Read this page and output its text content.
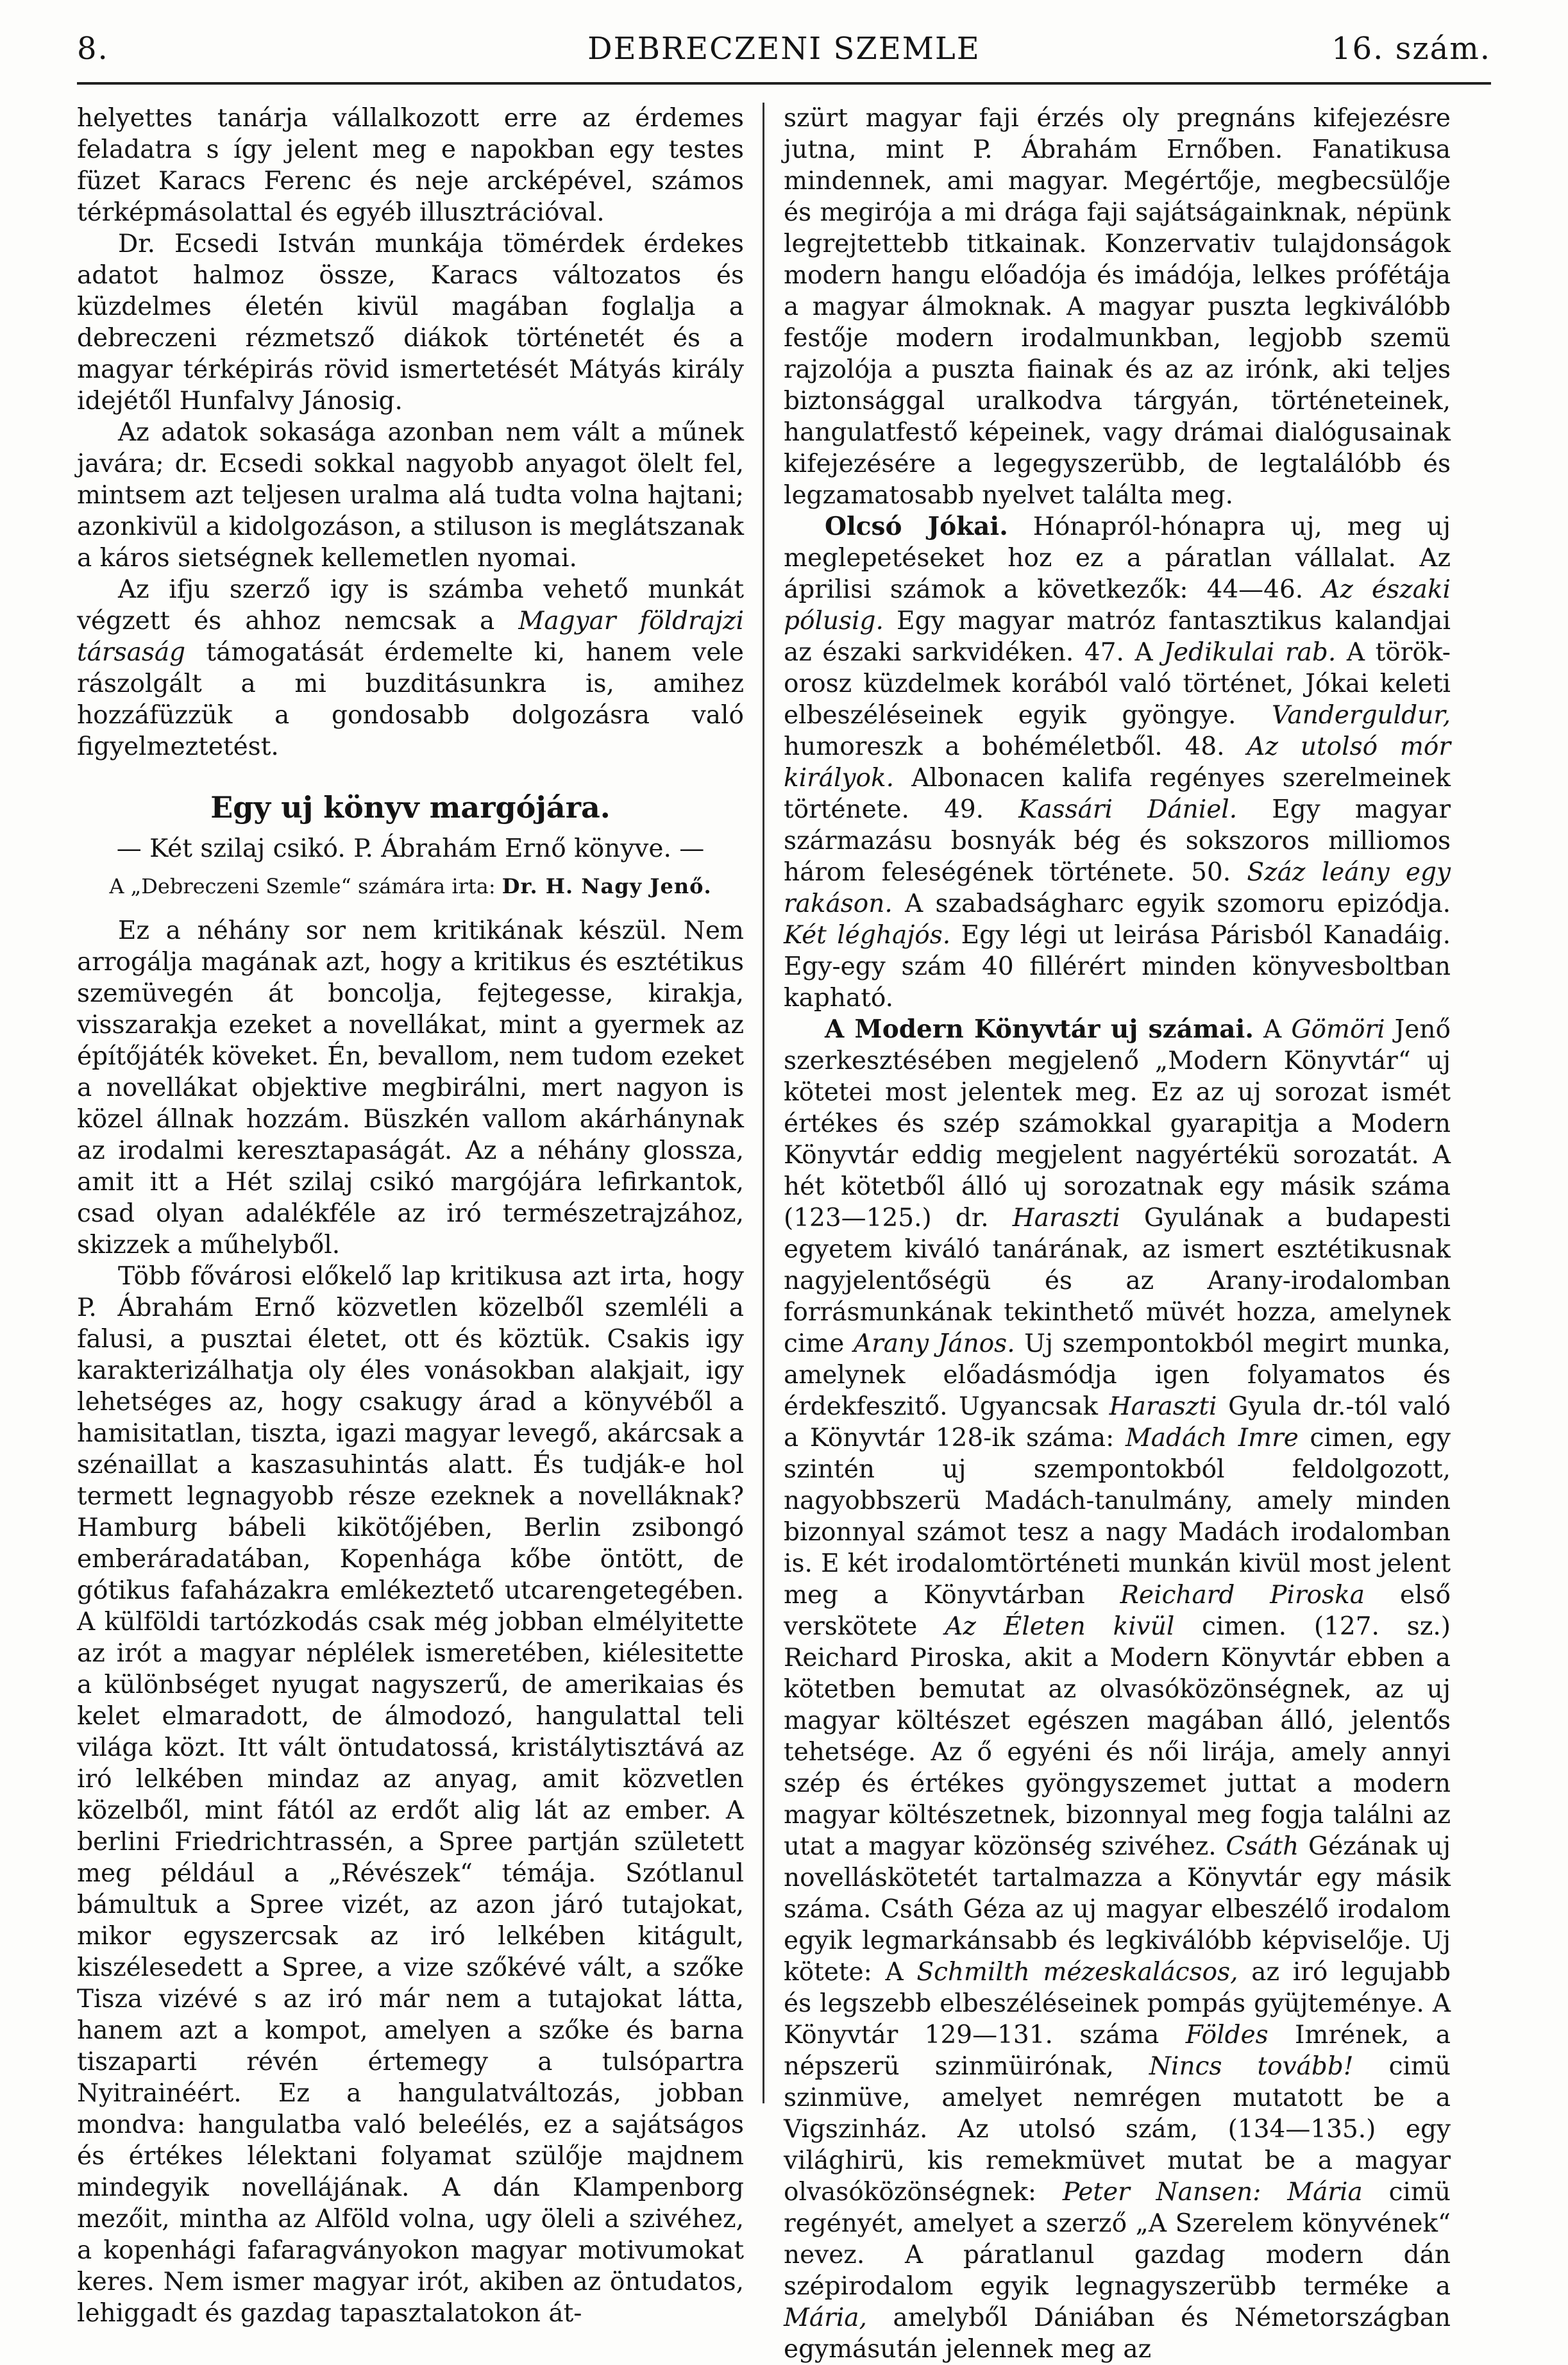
DEBRECZENI SZEMLE
8.	16. szám.

helyettes tanárja vállalkozott erre az érdemes feladatra s így jelent meg e napokban egy testes füzet Karacs Ferenc és neje arcképével, számos térképmásolattal és egyéb illusztrációval.

Dr. Ecsedi István munkája tömérdek érdekes adatot halmoz össze, Karacs változatos és küzdelmes életén kivül magában foglalja a debreczeni rézmetsző diákok történetét és a magyar térképirás rövid ismertetését Mátyás király idejétől Hunfalvy Jánosig.

Az adatok sokasága azonban nem vált a műnek javára; dr. Ecsedi sokkal nagyobb anyagot ölelt fel, mintsem azt teljesen uralma alá tudta volna hajtani; azonkivül a kidolgozáson, a stiluson is meglátszanak a káros sietségnek kellemetlen nyomai.

Az ifju szerző igy is számba vehető munkát végzett és ahhoz nemcsak a Magyar földrajzi társaság támogatását érdemelte ki, hanem vele rászolgált a mi buzditásunkra is, amihez hozzáfüzzük a gondosabb dolgozásra való figyelmeztetést.

Egy uj könyv margójára.
— Két szilaj csikó. P. Ábrahám Ernő könyve. —
A „Debreczeni Szemle“ számára irta: Dr. H. Nagy Jenő.

Ez a néhány sor nem kritikának készül. Nem arrogálja magának azt, hogy a kritikus és esztétikus szemüvegén át boncolja, fejtegesse, kirakja, visszarakja ezeket a novellákat, mint a gyermek az építőjáték köveket. Én, bevallom, nem tudom ezeket a novellákat objektive megbirálni, mert nagyon is közel állnak hozzám. Büszkén vallom akárhánynak az irodalmi keresztapaságát. Az a néhány glossza, amit itt a Hét szilaj csikó margójára lefirkantok, csad olyan adalékféle az iró természetrajzához, skizzek a műhelyből.

Több fővárosi előkelő lap kritikusa azt irta, hogy P. Ábrahám Ernő közvetlen közelből szemléli a falusi, a pusztai életet, ott és köztük. Csakis igy karakterizálhatja oly éles vonásokban alakjait, igy lehetséges az, hogy csakugy árad a könyvéből a hamisitatlan, tiszta, igazi magyar levegő, akárcsak a szénaillat a kaszasuhintás alatt. És tudják-e hol termett legnagyobb része ezeknek a novelláknak? Hamburg bábeli kikötőjében, Berlin zsibongó emberáradatában, Kopenhága kőbe öntött, de gótikus fafaházakra emlékeztető utcarengetegében. A külföldi tartózkodás csak még jobban elmélyitette az irót a magyar néplélek ismeretében, kiélesitette a különbséget nyugat nagyszerű, de amerikaias és kelet elmaradott, de álmodozó, hangulattal teli világa közt. Itt vált öntudatossá, kristálytisztává az iró lelkében mindaz az anyag, amit közvetlen közelből, mint fától az erdőt alig lát az ember. A berlini Friedrichtrassén, a Spree partján született meg például a „Révészek“ témája. Szótlanul bámultuk a Spree vizét, az azon járó tutajokat, mikor egyszercsak az iró lelkében kitágult, kiszélesedett a Spree, a vize szőkévé vált, a szőke Tisza vizévé s az iró már nem a tutajokat látta, hanem azt a kompot, amelyen a szőke és barna tiszaparti révén értemegy a tulsópartra Nyitrainéért. Ez a hangulatváltozás, jobban mondva: hangulatba való beleélés, ez a sajátságos és értékes lélektani folyamat szülője majdnem mindegyik novellájának. A dán Klampenborg mezőit, mintha az Alföld volna, ugy öleli a szivéhez, a kopenhági fafaragványokon magyar motivumokat keres. Nem ismer magyar irót, akiben az öntudatos, lehiggadt és gazdag tapasztalatokon át-

szürt magyar faji érzés oly pregnáns kifejezésre jutna, mint P. Ábrahám Ernőben. Fanatikusa mindennek, ami magyar. Megértője, megbecsülője és megirója a mi drága faji sajátságainknak, népünk legrejtettebb titkainak. Konzervativ tulajdonságok modern hangu előadója és imádója, lelkes prófétája a magyar álmoknak. A magyar puszta legkiválóbb festője modern irodalmunkban, legjobb szemü rajzolója a puszta fiainak és az az irónk, aki teljes biztonsággal uralkodva tárgyán, történeteinek, hangulatfestő képeinek, vagy drámai dialógusainak kifejezésére a legegyszerübb, de legtalálóbb és legzamatosabb nyelvet találta meg.

Olcsó Jókai. Hónapról-hónapra uj, meg uj meglepetéseket hoz ez a páratlan vállalat. Az áprilisi számok a következők: 44—46. Az északi pólusig. Egy magyar matróz fantasztikus kalandjai az északi sarkvidéken. 47. A Jedikulai rab. A török-orosz küzdelmek korából való történet, Jókai keleti elbeszéléseinek egyik gyöngye. Vanderguldur, humoreszk a bohéméletből. 48. Az utolsó mór királyok. Albonacen kalifa regényes szerelmeinek története. 49. Kassári Dániel. Egy magyar származásu bosnyák bég és sokszoros milliomos három feleségének története. 50. Száz leány egy rakáson. A szabadságharc egyik szomoru epizódja. Két léghajós. Egy légi ut leirása Párisból Kanadáig. Egy-egy szám 40 fillérért minden könyvesboltban kapható.

A Modern Könyvtár uj számai. A Gömöri Jenő szerkesztésében megjelenő „Modern Könyvtár“ uj kötetei most jelentek meg. Ez az uj sorozat ismét értékes és szép számokkal gyarapitja a Modern Könyvtár eddig megjelent nagyértékü sorozatát. A hét kötetből álló uj sorozatnak egy másik száma (123—125.) dr. Haraszti Gyulának a budapesti egyetem kiváló tanárának, az ismert esztétikusnak nagyjelentőségü és az Arany-irodalomban forrásmunkának tekinthető müvét hozza, amelynek cime Arany János. Uj szempontokból megirt munka, amelynek előadásmódja igen folyamatos és érdekfeszitő. Ugyancsak Haraszti Gyula dr.-tól való a Könyvtár 128-ik száma: Madách Imre cimen, egy szintén uj szempontokból feldolgozott, nagyobbszerü Madách-tanulmány, amely minden bizonnyal számot tesz a nagy Madách irodalomban is. E két irodalomtörténeti munkán kivül most jelent meg a Könyvtárban Reichard Piroska első verskötete Az Életen kivül cimen. (127. sz.) Reichard Piroska, akit a Modern Könyvtár ebben a kötetben bemutat az olvasóközönségnek, az uj magyar költészet egészen magában álló, jelentős tehetsége. Az ő egyéni és női lirája, amely annyi szép és értékes gyöngyszemet juttat a modern magyar költészetnek, bizonnyal meg fogja találni az utat a magyar közönség szivéhez. Csáth Gézának uj novelláskötetét tartalmazza a Könyvtár egy másik száma. Csáth Géza az uj magyar elbeszélő irodalom egyik legmarkánsabb és legkiválóbb képviselője. Uj kötete: A Schmilth mézeskalácsos, az iró legujabb és legszebb elbeszéléseinek pompás gyüjteménye. A Könyvtár 129—131. száma Földes Imrének, a népszerü szinmüirónak, Nincs tovább! cimü szinmüve, amelyet nemrégen mutatott be a Vigszinház. Az utolsó szám, (134—135.) egy világhirü, kis remekmüvet mutat be a magyar olvasóközönségnek: Peter Nansen: Mária cimü regényét, amelyet a szerző „A Szerelem könyvének“ nevez. A páratlanul gazdag modern dán szépirodalom egyik legnagyszerübb terméke a Mária, amelyből Dániában és Németországban egymásután jelennek meg az
